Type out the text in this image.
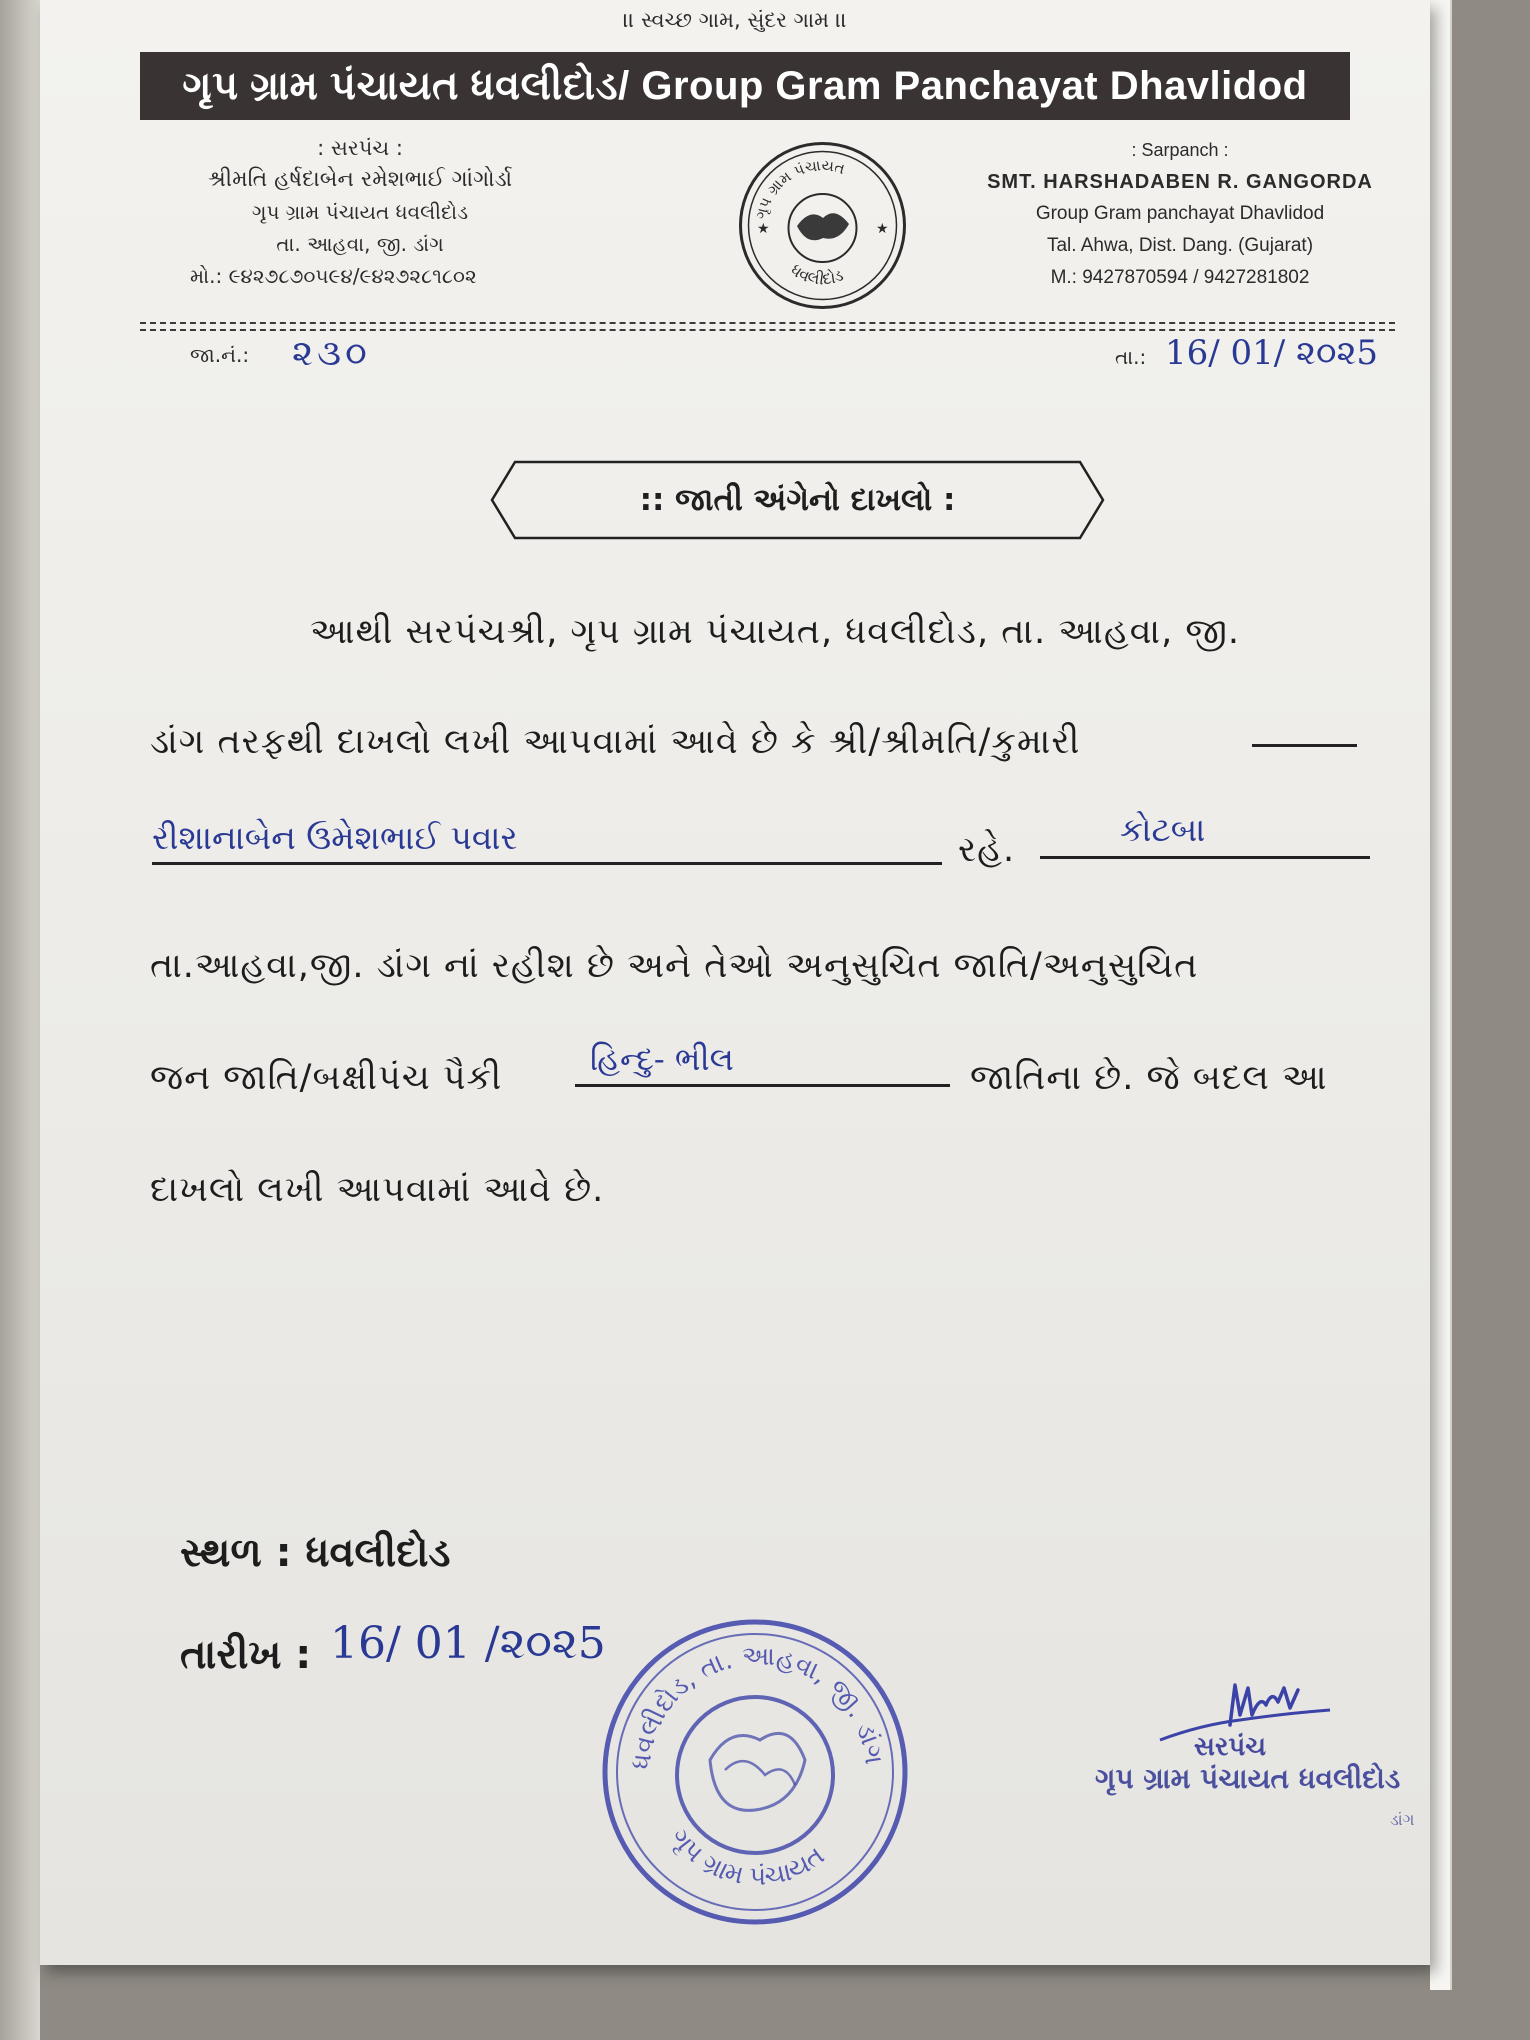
।। સ્વચ્છ ગામ, સુંદર ગામ ।।
ગૃપ ગ્રામ પંચાયત ધવલીદોડ/ Group Gram Panchayat Dhavlidod
: સરપંચ :
શ્રીમતિ હર્ષદાબેન રમેશભાઈ ગાંગોર્ડા
ગૃપ ગ્રામ પંચાયત ધવલીદોડ
તા. આહવા, જી. ડાંગ
મો.: ૯૪૨૭૮૭૦૫૯૪/૯૪૨૭૨૮૧૮૦૨
ગૃપ ગ્રામ પંચાયત
ધવલીદોડ
★	★
: Sarpanch :
SMT. HARSHADABEN R. GANGORDA
Group Gram panchayat Dhavlidod
Tal. Ahwa, Dist. Dang. (Gujarat)
M.: 9427870594 / 9427281802
જા.નં.: ૨૩૦	તા.: 16/ 01/ ૨૦૨5
:: જાતી અંગેનો દાખલો :
આથી સરપંચશ્રી, ગૃપ ગ્રામ પંચાયત, ધવલીદોડ, તા. આહવા, જી.
ડાંગ તરફથી દાખલો લખી આપવામાં આવે છે કે શ્રી/શ્રીમતિ/કુમારી
રીશાનાબેન ઉમેશભાઈ પવાર	રહે.
કોટબા
તા.આહવા,જી. ડાંગ નાં રહીશ છે અને તેઓ અનુસુચિત જાતિ/અનુસુચિત
જન જાતિ/બક્ષીપંચ પૈકી	હિન્દુ- ભીલ	જાતિના છે. જે બદલ આ
દાખલો લખી આપવામાં આવે છે.
સ્થળ : ધવલીદોડ
તારીખ : 16/ 01 /૨૦૨5
ધવલીદોડ, તા. આહવા, જી. ડાંગ
ગૃપ ગ્રામ પંચાયત
સરપંચ
ગૃપ ગ્રામ પંચાયત ધવલીદોડ
ડાંગ
